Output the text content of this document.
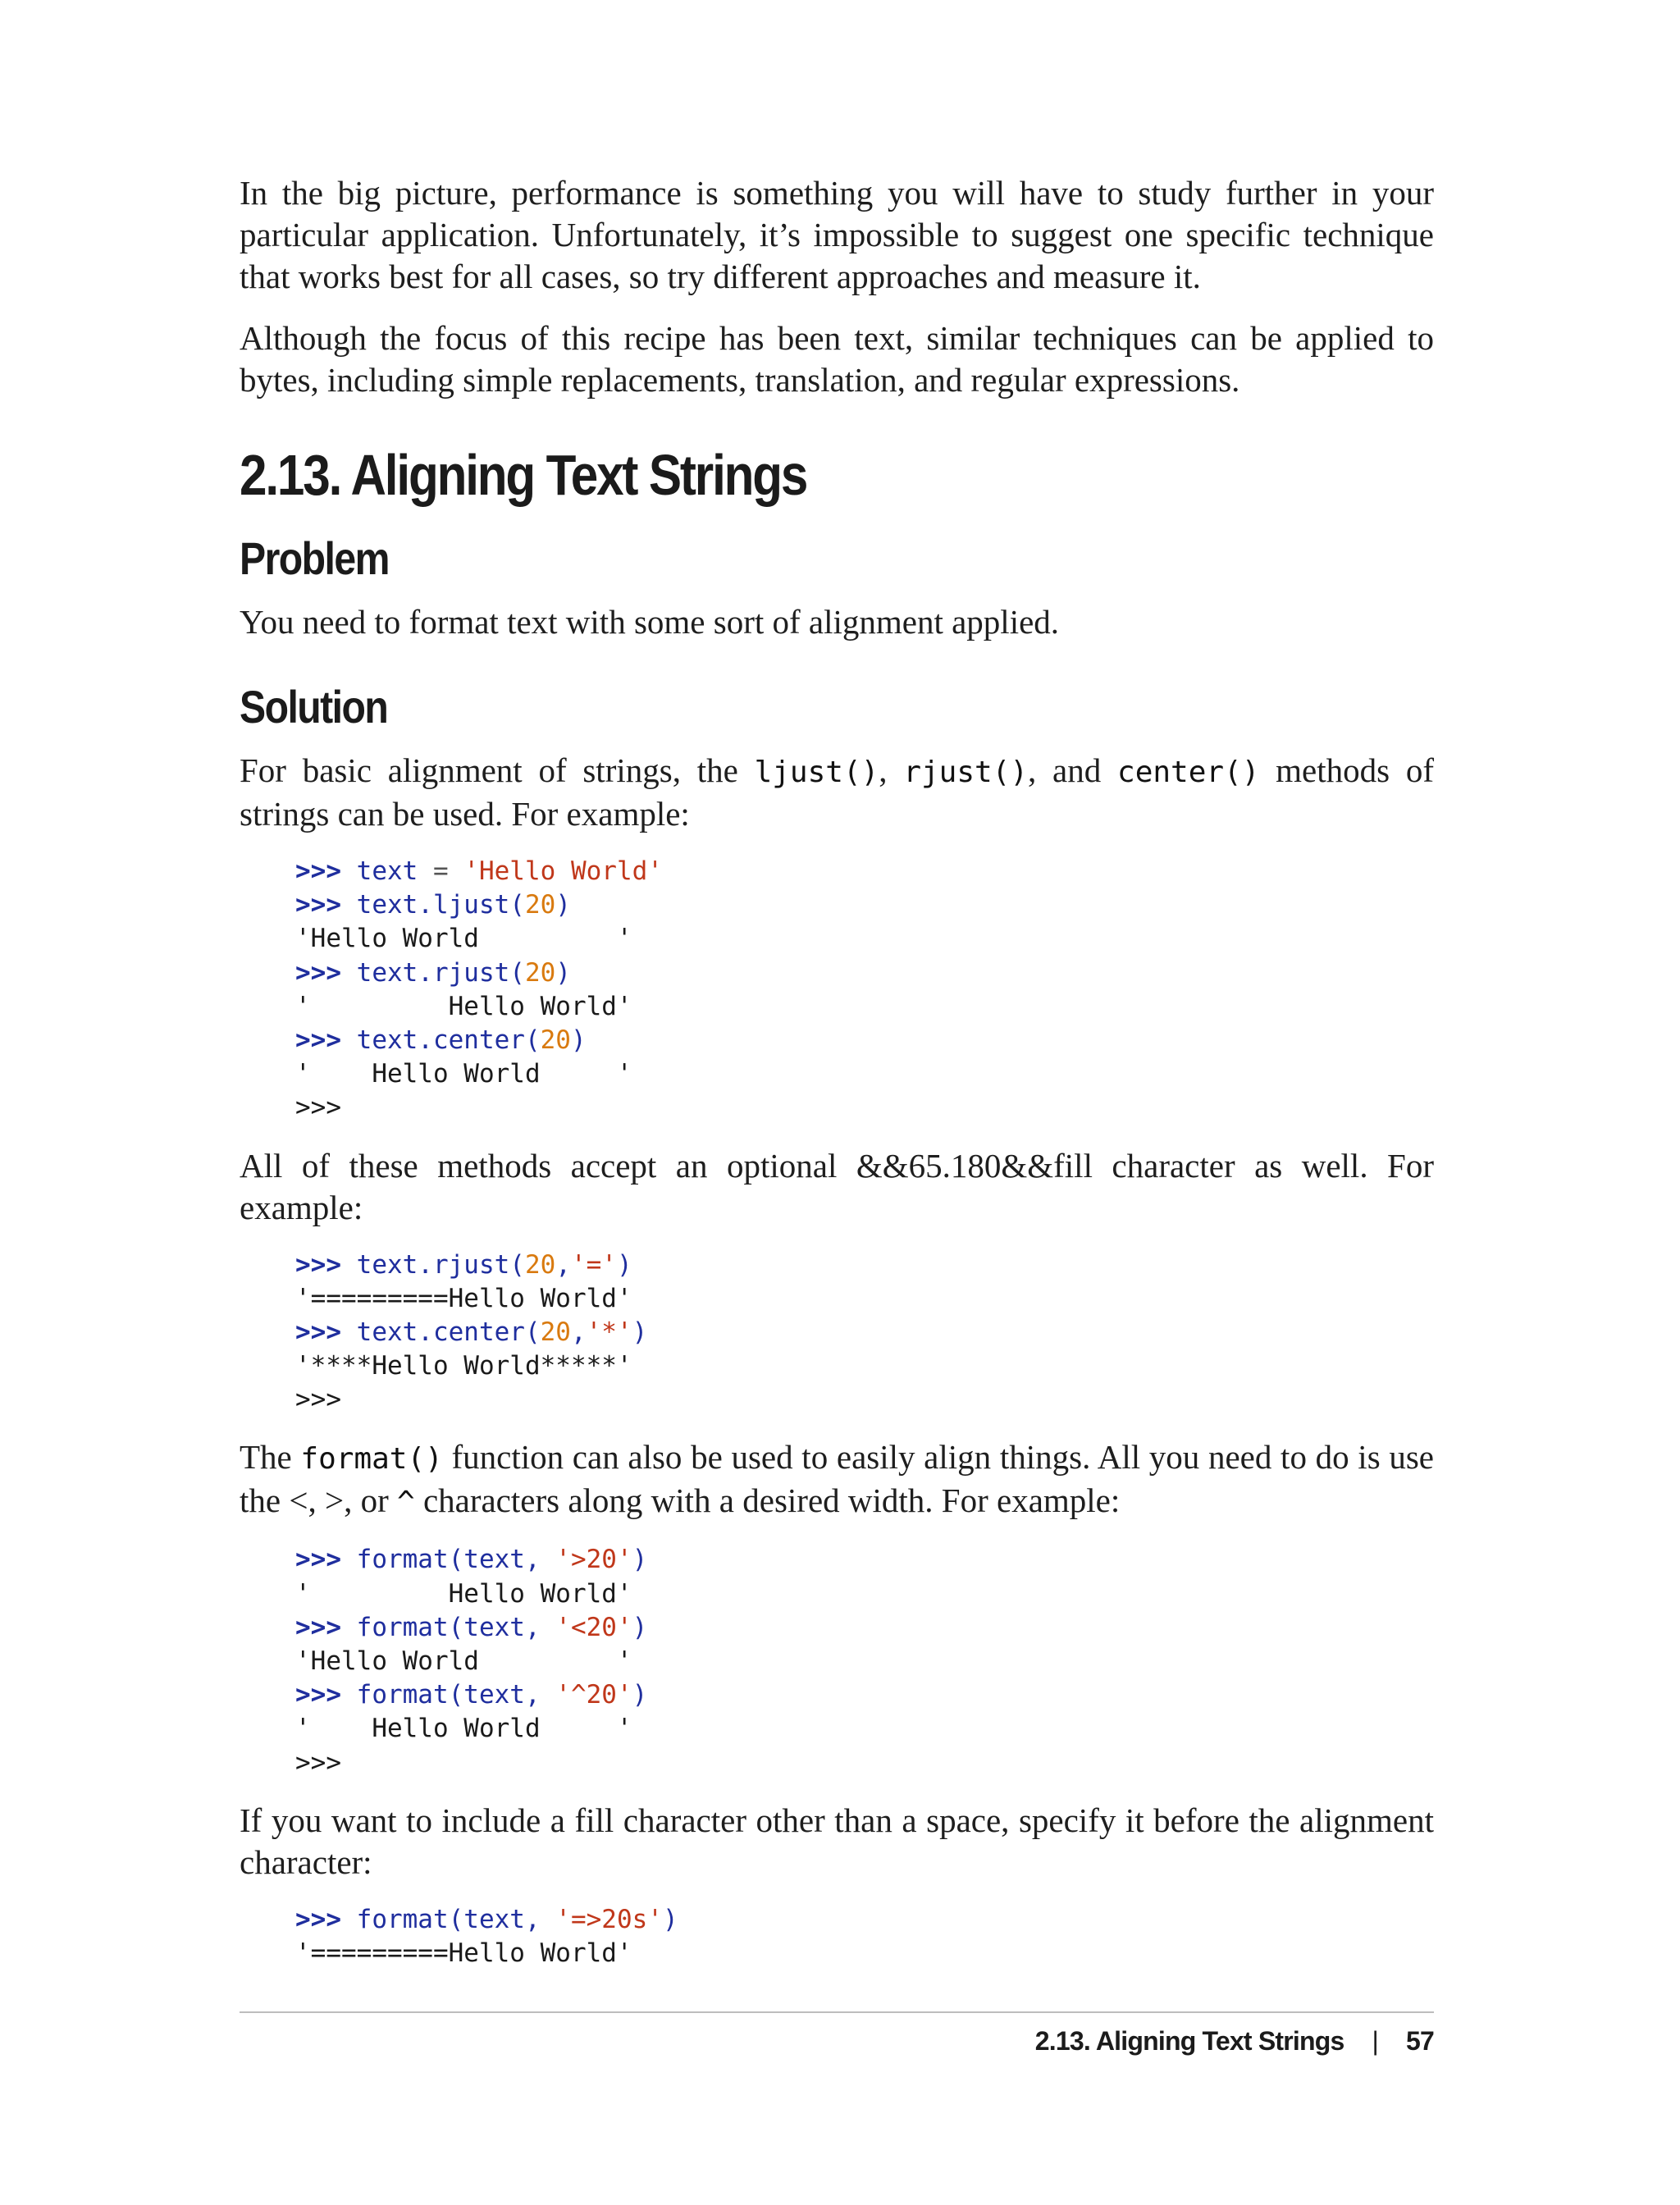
In the big picture, performance is something you will have to study further in your particular application. Unfortunately, it’s impossible to suggest one specific technique that works best for all cases, so try different approaches and measure it.

Although the focus of this recipe has been text, similar techniques can be applied to bytes, including simple replacements, translation, and regular expressions.

2.13. Aligning Text Strings
Problem

You need to format text with some sort of alignment applied.

Solution

For basic alignment of strings, the ljust(), rjust(), and center() methods of strings can be used. For example:

>>> text = 'Hello World'
>>> text.ljust(20)
'Hello World         '
>>> text.rjust(20)
'         Hello World'
>>> text.center(20)
'    Hello World     '
>>>

All of these methods accept an optional &&65.180&&fill character as well. For example:

>>> text.rjust(20,'=')
'=========Hello World'
>>> text.center(20,'*')
'****Hello World*****'
>>>

The format() function can also be used to easily align things. All you need to do is use the <, >, or ^ characters along with a desired width. For example:

>>> format(text, '>20')
'         Hello World'
>>> format(text, '<20')
'Hello World         '
>>> format(text, '^20')
'    Hello World     '
>>>

If you want to include a fill character other than a space, specify it before the alignment character:

>>> format(text, '=>20s')
'=========Hello World'
2.13. Aligning Text Strings | 57
